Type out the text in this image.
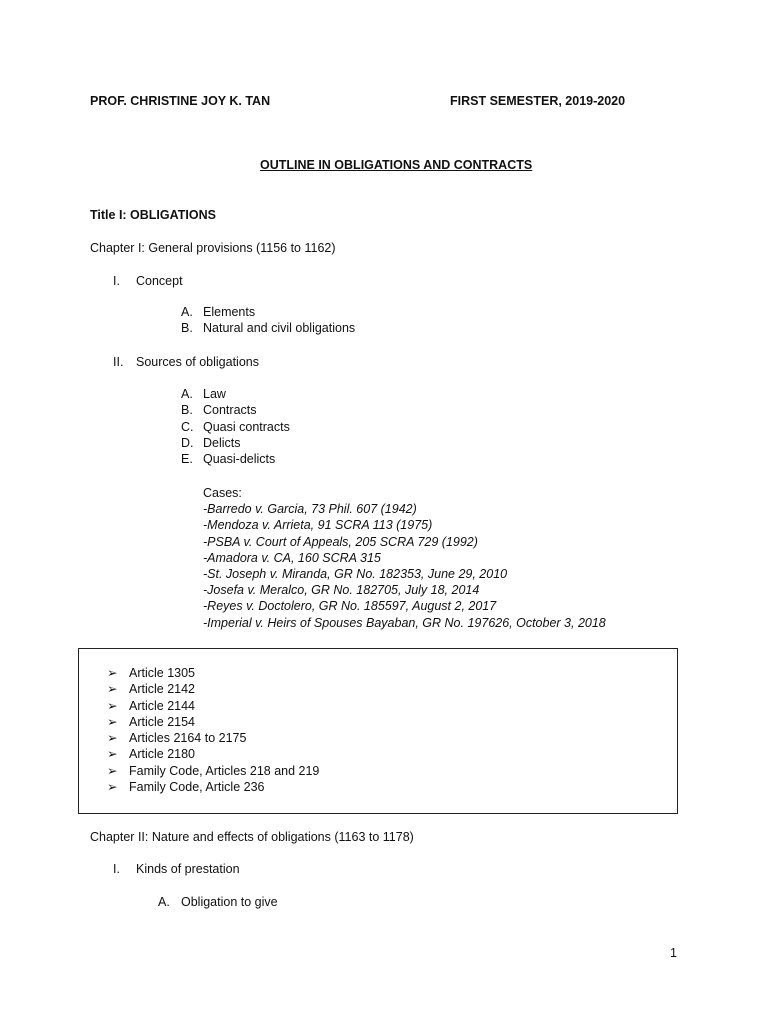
PROF. CHRISTINE JOY K. TAN	FIRST SEMESTER, 2019-2020
OUTLINE IN OBLIGATIONS AND CONTRACTS
Title I: OBLIGATIONS
Chapter I: General provisions (1156 to 1162)
I. Concept
A. Elements
B. Natural and civil obligations
II. Sources of obligations
A. Law
B. Contracts
C. Quasi contracts
D. Delicts
E. Quasi-delicts
Cases:
-Barredo v. Garcia, 73 Phil. 607 (1942)
-Mendoza v. Arrieta, 91 SCRA 113 (1975)
-PSBA v. Court of Appeals, 205 SCRA 729 (1992)
-Amadora v. CA, 160 SCRA 315
-St. Joseph v. Miranda, GR No. 182353, June 29, 2010
-Josefa v. Meralco, GR No. 182705, July 18, 2014
-Reyes v. Doctolero, GR No. 185597, August 2, 2017
-Imperial v. Heirs of Spouses Bayaban, GR No. 197626, October 3, 2018
➢ Article 1305
➢ Article 2142
➢ Article 2144
➢ Article 2154
➢ Articles 2164 to 2175
➢ Article 2180
➢ Family Code, Articles 218 and 219
➢ Family Code, Article 236
Chapter II: Nature and effects of obligations (1163 to 1178)
I. Kinds of prestation
A. Obligation to give
1
